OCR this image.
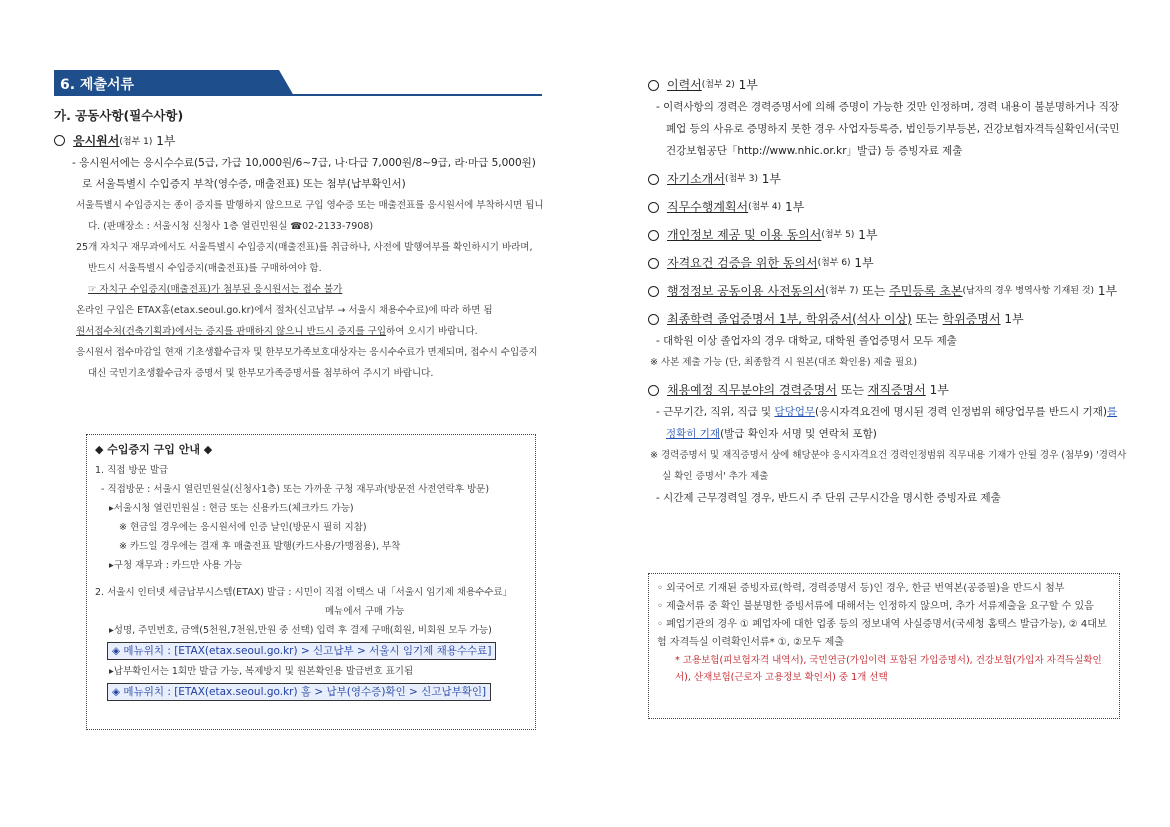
6. 제출서류
가. 공동사항(필수사항)
응시원서 (첨부 1)
1부
- 응시원서에는 응시수수료(5급, 가급 10,000원/6~7급, 나·다급 7,000원/8~9급, 라·마급 5,000원)로 서울특별시 수입증지 부착(영수증, 매출전표) 또는 첨부(납부확인서)
서울특별시 수입증지는 종이 증지를 발행하지 않으므로 구입 영수증 또는 매출전표를 응시원서에 부착하시면 됩니다. (판매장소 : 서울시청 신청사 1층 열린민원실 ☎02-2133-7908)
25개 자치구 재무과에서도 서울특별시 수입증지(매출전표)를 취급하나, 사전에 발행여부를 확인하시기 바라며, 반드시 서울특별시 수입증지(매출전표)를 구매하여야 함.
☞ 자치구 수입증지(매출전표)가 첨부된 응시원서는 접수 불가
온라인 구입은 ETAX홈(etax.seoul.go.kr)에서 절차(신고납부 → 서울시 채용수수료)에 따라 하면 됨
원서접수처(건축기획과)에서는 증지를 판매하지 않으니 반드시 증지를 구입하여 오시기 바랍니다.
응시원서 접수마감일 현재 기초생활수급자 및 한부모가족보호대상자는 응시수수료가 면제되며, 접수시 수입증지 대신 국민기초생활수급자 증명서 및 한부모가족증명서를 첨부하여 주시기 바랍니다.
◆ 수입증지 구입 안내 ◆
1. 직접 방문 발급
- 직접방문 : 서울시 열린민원실(신청사1층) 또는 가까운 구청 재무과(방문전 사전연락후 방문)
▸서울시청 열린민원실 : 현금 또는 신용카드(체크카드 가능)
※ 현금일 경우에는 응시원서에 인증 날인(방문시 필히 지참)
※ 카드일 경우에는 결재 후 매출전표 발행(카드사용/가맹점용), 부착
▸구청 재무과 : 카드만 사용 가능
2. 서울시 인터넷 세금납부시스템(ETAX) 발급 : 시민이 직접 이택스 내「서울시 임기제 채용수수료」
메뉴에서 구매 가능
▸성명, 주민번호, 금액(5천원,7천원,만원 중 선택) 입력 후 결제 구매(회원, 비회원 모두 가능)
◈ 메뉴위치 : [ETAX(etax.seoul.go.kr) > 신고납부 > 서울시 임기제 채용수수료]
▸납부확인서는 1회만 발급 가능, 복제방지 및 원본확인용 발급번호 표기됨
◈ 메뉴위치 : [ETAX(etax.seoul.go.kr) 홈 > 납부(영수증)확인 > 신고납부확인]
이력서 (첨부 2)
1부
- 이력사항의 경력은 경력증명서에 의해 증명이 가능한 것만 인정하며, 경력 내용이 불분명하거나 직장폐업 등의 사유로 증명하지 못한 경우 사업자등록증, 법인등기부등본, 건강보험자격득실확인서(국민건강보험공단「http://www.nhic.or.kr」발급) 등 증빙자료 제출
자기소개서 (첨부 3)
1부
직무수행계획서 (첨부 4)
1부
개인정보 제공 및 이용 동의서 (첨부 5)
1부
자격요건 검증을 위한 동의서 (첨부 6)
1부
행정정보 공동이용 사전동의서 (첨부 7)
또는
주민등록 초본 (남자의 경우 병역사항 기재된 것)
1부
최종학력 졸업증명서 1부, 학위증서(석사 이상)
또는
학위증명서
1부
- 대학원 이상 졸업자의 경우 대학교, 대학원 졸업증명서 모두 제출
※ 사본 제출 가능 (단, 최종합격 시 원본(대조 확인용) 제출 필요)
채용예정 직무분야의 경력증명서
또는
재직증명서
1부
- 근무기간, 직위, 직급 및 담당업무(응시자격요건에 명시된 경력 인정범위 해당업무를 반드시 기재)를 정확히 기재(발급 확인자 서명 및 연락처 포함)
※ 경력증명서 및 재직증명서 상에 해당분야 응시자격요건 경력인정범위 직무내용 기재가 안될 경우 (첨부9) '경력사실 확인 증명서' 추가 제출
- 시간제 근무경력일 경우, 반드시 주 단위 근무시간을 명시한 증빙자료 제출
◦ 외국어로 기재된 증빙자료(학력, 경력증명서 등)인 경우, 한글 번역본(공증필)을 반드시 첨부
◦ 제출서류 중 확인 불분명한 증빙서류에 대해서는 인정하지 않으며, 추가 서류제출을 요구할 수 있음
◦ 폐업기관의 경우 ① 폐업자에 대한 업종 등의 정보내역 사실증명서(국세청 홈택스 발급가능), ② 4대보험 자격득실 이력확인서류* ①, ②모두 제출
* 고용보험(피보험자격 내역서), 국민연금(가입이력 포함된 가입증명서), 건강보험(가입자 자격득실확인서), 산재보험(근로자 고용정보 확인서) 중 1개 선택
